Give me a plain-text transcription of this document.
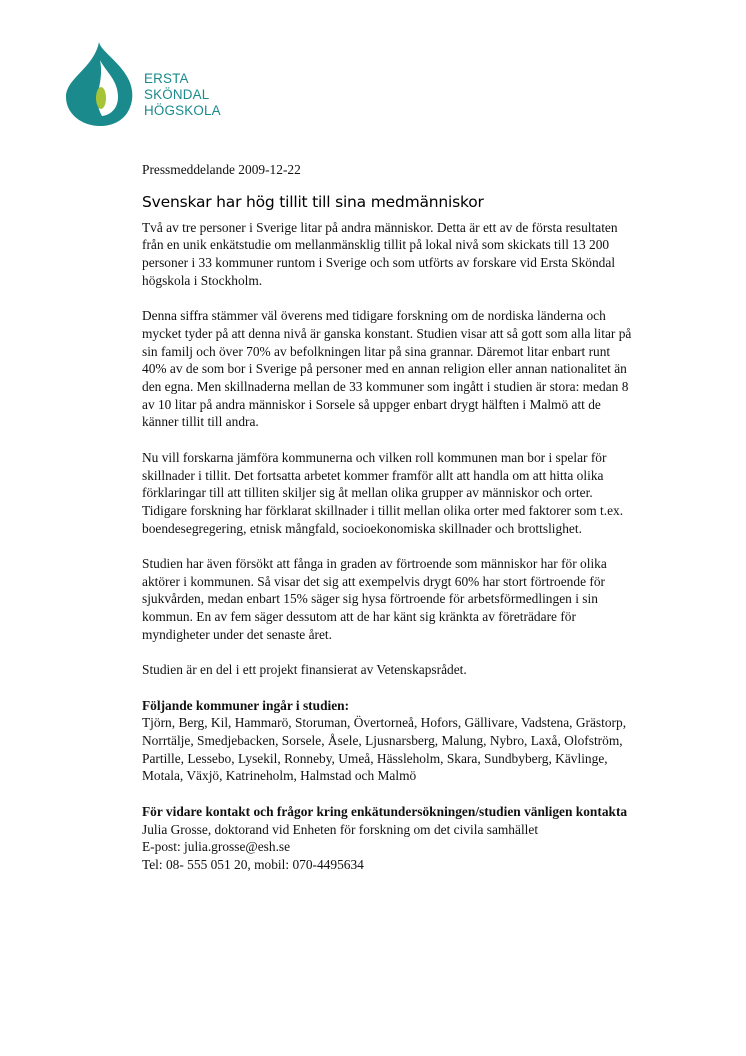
ERSTA
SKÖNDAL
HÖGSKOLA

Pressmeddelande 2009-12-22

Svenskar har hög tillit till sina medmänniskor

Två av tre personer i Sverige litar på andra människor. Detta är ett av de första resultaten från en unik enkätstudie om mellanmänsklig tillit på lokal nivå som skickats till 13 200 personer i 33 kommuner runtom i Sverige och som utförts av forskare vid Ersta Sköndal högskola i Stockholm.

Denna siffra stämmer väl överens med tidigare forskning om de nordiska länderna och mycket tyder på att denna nivå är ganska konstant. Studien visar att så gott som alla litar på sin familj och över 70% av befolkningen litar på sina grannar. Däremot litar enbart runt 40% av de som bor i Sverige på personer med en annan religion eller annan nationalitet än den egna. Men skillnaderna mellan de 33 kommuner som ingått i studien är stora: medan 8 av 10 litar på andra människor i Sorsele så uppger enbart drygt hälften i Malmö att de känner tillit till andra.

Nu vill forskarna jämföra kommunerna och vilken roll kommunen man bor i spelar för skillnader i tillit. Det fortsatta arbetet kommer framför allt att handla om att hitta olika förklaringar till att tilliten skiljer sig åt mellan olika grupper av människor och orter. Tidigare forskning har förklarat skillnader i tillit mellan olika orter med faktorer som t.ex. boendesegregering, etnisk mångfald, socioekonomiska skillnader och brottslighet.

Studien har även försökt att fånga in graden av förtroende som människor har för olika aktörer i kommunen. Så visar det sig att exempelvis drygt 60% har stort förtroende för sjukvården, medan enbart 15% säger sig hysa förtroende för arbetsförmedlingen i sin kommun. En av fem säger dessutom att de har känt sig kränkta av företrädare för myndigheter under det senaste året.

Studien är en del i ett projekt finansierat av Vetenskapsrådet.

Följande kommuner ingår i studien:
Tjörn, Berg, Kil, Hammarö, Storuman, Övertorneå, Hofors, Gällivare, Vadstena, Grästorp, Norrtälje, Smedjebacken, Sorsele, Åsele, Ljusnarsberg, Malung, Nybro, Laxå, Olofström, Partille, Lessebo, Lysekil, Ronneby, Umeå, Hässleholm, Skara, Sundbyberg, Kävlinge, Motala, Växjö, Katrineholm, Halmstad och Malmö
För vidare kontakt och frågor kring enkätundersökningen/studien vänligen kontakta
Julia Grosse, doktorand vid Enheten för forskning om det civila samhället
E-post: julia.grosse@esh.se
Tel: 08- 555 051 20, mobil: 070-4495634
